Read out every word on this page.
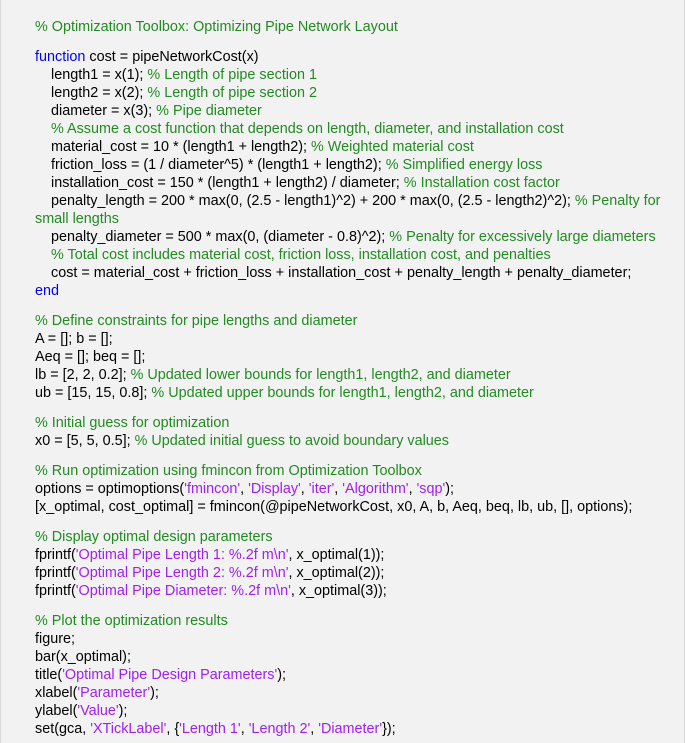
% Optimization Toolbox: Optimizing Pipe Network Layout
function cost = pipeNetworkCost(x)
length1 = x(1); % Length of pipe section 1
length2 = x(2); % Length of pipe section 2
diameter = x(3); % Pipe diameter
% Assume a cost function that depends on length, diameter, and installation cost
material_cost = 10 * (length1 + length2); % Weighted material cost
friction_loss = (1 / diameter^5) * (length1 + length2); % Simplified energy loss
installation_cost = 150 * (length1 + length2) / diameter; % Installation cost factor
penalty_length = 200 * max(0, (2.5 - length1)^2) + 200 * max(0, (2.5 - length2)^2); % Penalty for
small lengths
penalty_diameter = 500 * max(0, (diameter - 0.8)^2); % Penalty for excessively large diameters
% Total cost includes material cost, friction loss, installation cost, and penalties
cost = material_cost + friction_loss + installation_cost + penalty_length + penalty_diameter;
end
% Define constraints for pipe lengths and diameter
A = []; b = [];
Aeq = []; beq = [];
lb = [2, 2, 0.2]; % Updated lower bounds for length1, length2, and diameter
ub = [15, 15, 0.8]; % Updated upper bounds for length1, length2, and diameter
% Initial guess for optimization
x0 = [5, 5, 0.5]; % Updated initial guess to avoid boundary values
% Run optimization using fmincon from Optimization Toolbox
options = optimoptions('fmincon', 'Display', 'iter', 'Algorithm', 'sqp');
[x_optimal, cost_optimal] = fmincon(@pipeNetworkCost, x0, A, b, Aeq, beq, lb, ub, [], options);
% Display optimal design parameters
fprintf('Optimal Pipe Length 1: %.2f m\n', x_optimal(1));
fprintf('Optimal Pipe Length 2: %.2f m\n', x_optimal(2));
fprintf('Optimal Pipe Diameter: %.2f m\n', x_optimal(3));
% Plot the optimization results
figure;
bar(x_optimal);
title('Optimal Pipe Design Parameters');
xlabel('Parameter');
ylabel('Value');
set(gca, 'XTickLabel', {'Length 1', 'Length 2', 'Diameter'});
